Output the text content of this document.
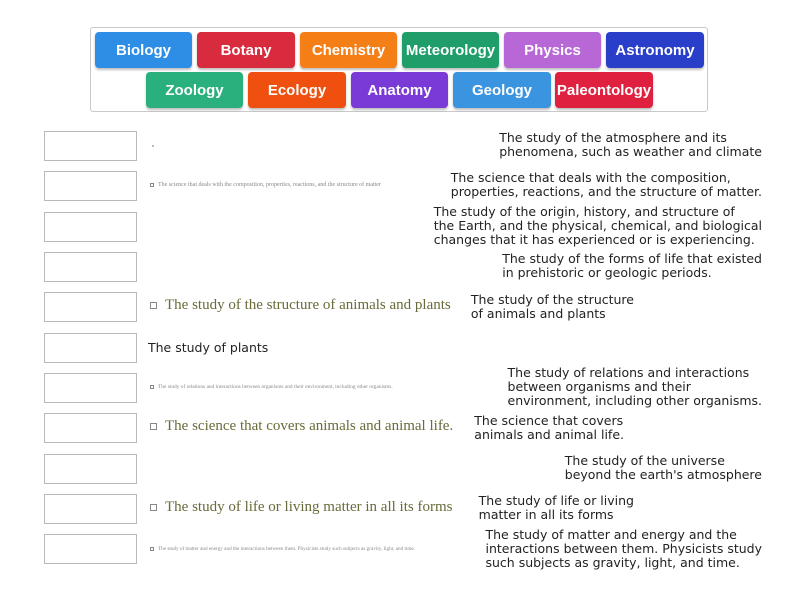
Biology	Botany	Chemistry	Meteorology	Physics	Astronomy
Zoology	Ecology	Anatomy	Geology	Paleontology
The science that deals with the composition, properties, reactions, and the structure of matter
The study of the structure of animals and plants
The study of plants
The study of relations and interactions between organisms and their environment, including other organisms.
The science that covers animals and animal life.
The study of life or living matter in all its forms
The study of matter and energy and the interactions between them. Physicists study such subjects as gravity, light, and time.
The study of the atmosphere and its
phenomena, such as weather and climate
The science that deals with the composition,
properties, reactions, and the structure of matter.
The study of the origin, history, and structure of
the Earth, and the physical, chemical, and biological
changes that it has experienced or is experiencing.
The study of the forms of life that existed
in prehistoric or geologic periods.
The study of the structure
of animals and plants
The study of relations and interactions
between organisms and their
environment, including other organisms.
The science that covers
animals and animal life.
The study of the universe
beyond the earth's atmosphere
The study of life or living
matter in all its forms
The study of matter and energy and the
interactions between them. Physicists study
such subjects as gravity, light, and time.
